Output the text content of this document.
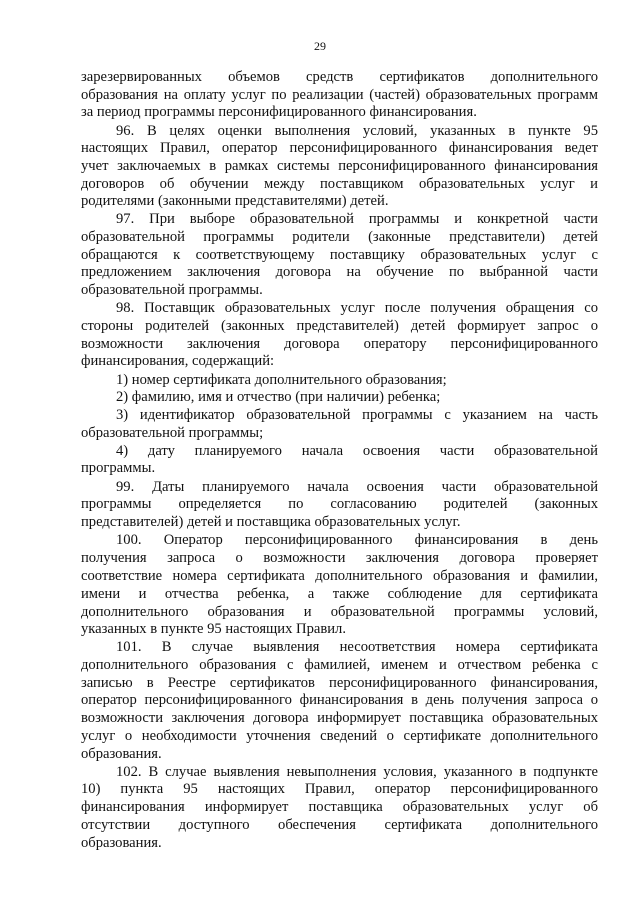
29
зарезервированных объемов средств сертификатов дополнительного
образования на оплату услуг по реализации (частей) образовательных программ
за период программы персонифицированного финансирования.
96. В целях оценки выполнения условий, указанных в пункте 95
настоящих Правил, оператор персонифицированного финансирования ведет
учет заключаемых в рамках системы персонифицированного финансирования
договоров об обучении между поставщиком образовательных услуг и
родителями (законными представителями) детей.
97. При выборе образовательной программы и конкретной части
образовательной программы родители (законные представители) детей
обращаются к соответствующему поставщику образовательных услуг с
предложением заключения договора на обучение по выбранной части
образовательной программы.
98. Поставщик образовательных услуг после получения обращения со
стороны родителей (законных представителей) детей формирует запрос о
возможности заключения договора оператору персонифицированного
финансирования, содержащий:
1) номер сертификата дополнительного образования;
2) фамилию, имя и отчество (при наличии) ребенка;
3) идентификатор образовательной программы с указанием на часть
образовательной программы;
4) дату планируемого начала освоения части образовательной
программы.
99. Даты планируемого начала освоения части образовательной
программы определяется по согласованию родителей (законных
представителей) детей и поставщика образовательных услуг.
100. Оператор персонифицированного финансирования в день
получения запроса о возможности заключения договора проверяет
соответствие номера сертификата дополнительного образования и фамилии,
имени и отчества ребенка, а также соблюдение для сертификата
дополнительного образования и образовательной программы условий,
указанных в пункте 95 настоящих Правил.
101. В случае выявления несоответствия номера сертификата
дополнительного образования с фамилией, именем и отчеством ребенка с
записью в Реестре сертификатов персонифицированного финансирования,
оператор персонифицированного финансирования в день получения запроса о
возможности заключения договора информирует поставщика образовательных
услуг о необходимости уточнения сведений о сертификате дополнительного
образования.
102. В случае выявления невыполнения условия, указанного в подпункте
10) пункта 95 настоящих Правил, оператор персонифицированного
финансирования информирует поставщика образовательных услуг об
отсутствии доступного обеспечения сертификата дополнительного
образования.
